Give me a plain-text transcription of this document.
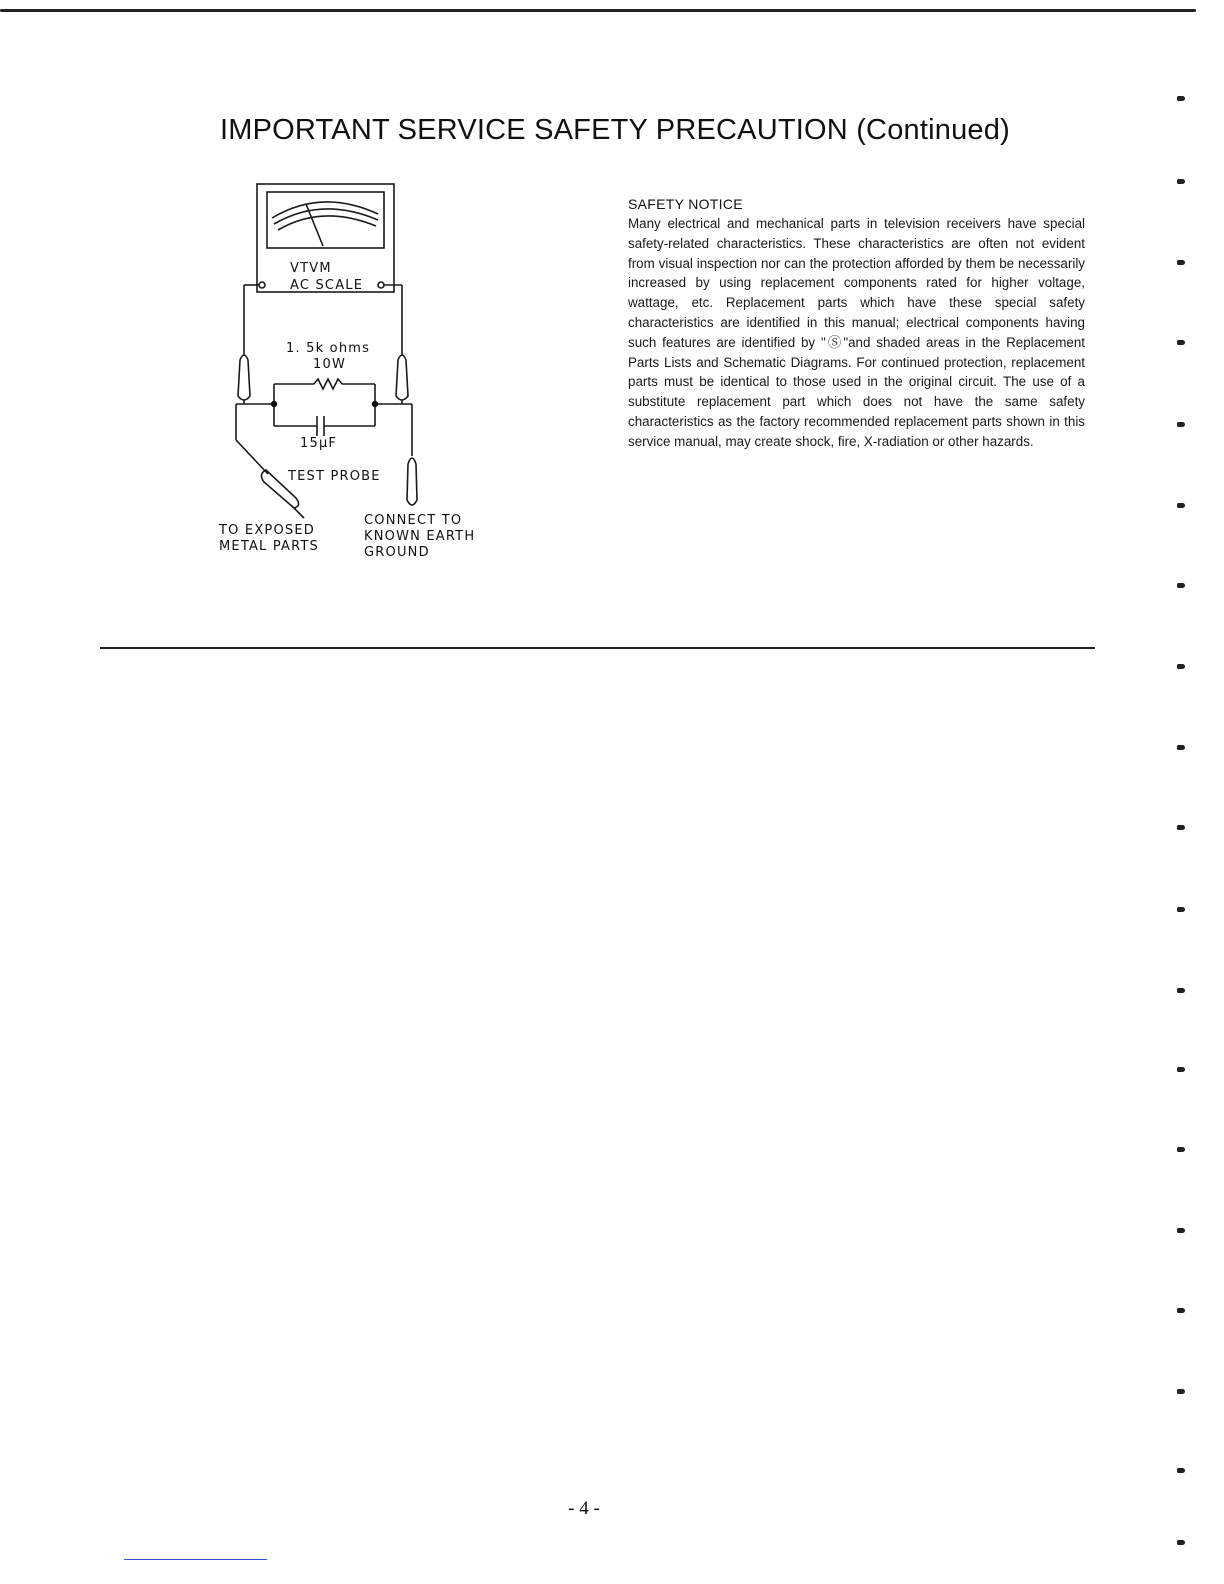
IMPORTANT SERVICE SAFETY PRECAUTION (Continued)
VTVM
AC SCALE
1. 5k ohms
10W
15μF
TEST PROBE
TO EXPOSED
METAL PARTS
CONNECT TO
KNOWN EARTH
GROUND
SAFETY NOTICE

Many electrical and mechanical parts in television receivers have special safety-related characteristics. These characteristics are often not evident from visual inspection nor can the protection afforded by them be necessarily increased by using replacement components rated for higher voltage, wattage, etc. Replacement parts which have these special safety characteristics are identified in this manual; electrical components having such features are identified by "Ⓢ"and shaded areas in the Replacement Parts Lists and Schematic Diagrams. For continued protection, replacement parts must be identical to those used in the original circuit. The use of a substitute replacement part which does not have the same safety characteristics as the factory recommended replacement parts shown in this service manual, may create shock, fire, X-radiation or other hazards.

- 4 -
